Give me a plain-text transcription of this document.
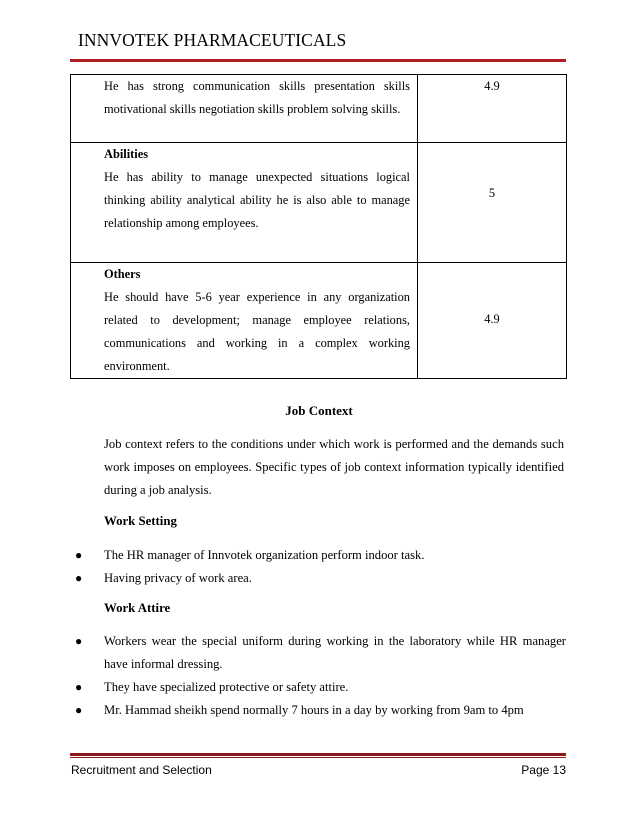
INNVOTEK PHARMACEUTICALS
He has strong communication skills presentation skills motivational skills negotiation skills problem solving skills.	4.9

Abilities
He has ability to manage unexpected situations logical thinking ability analytical ability he is also able to manage relationship among employees.	5

Others
He should have 5-6 year experience in any organization related to development; manage employee relations, communications and working in a complex working environment.	4.9
Job Context
Job context refers to the conditions under which work is performed and the demands such work imposes on employees. Specific types of job context information typically identified during a job analysis.
Work Setting
● The HR manager of Innvotek organization perform indoor task.
● Having privacy of work area.
Work Attire
● Workers wear the special uniform during working in the laboratory while HR manager have informal dressing.
● They have specialized protective or safety attire.
● Mr. Hammad sheikh spend normally 7 hours in a day by working from 9am to 4pm
Recruitment and Selection	Page 13
